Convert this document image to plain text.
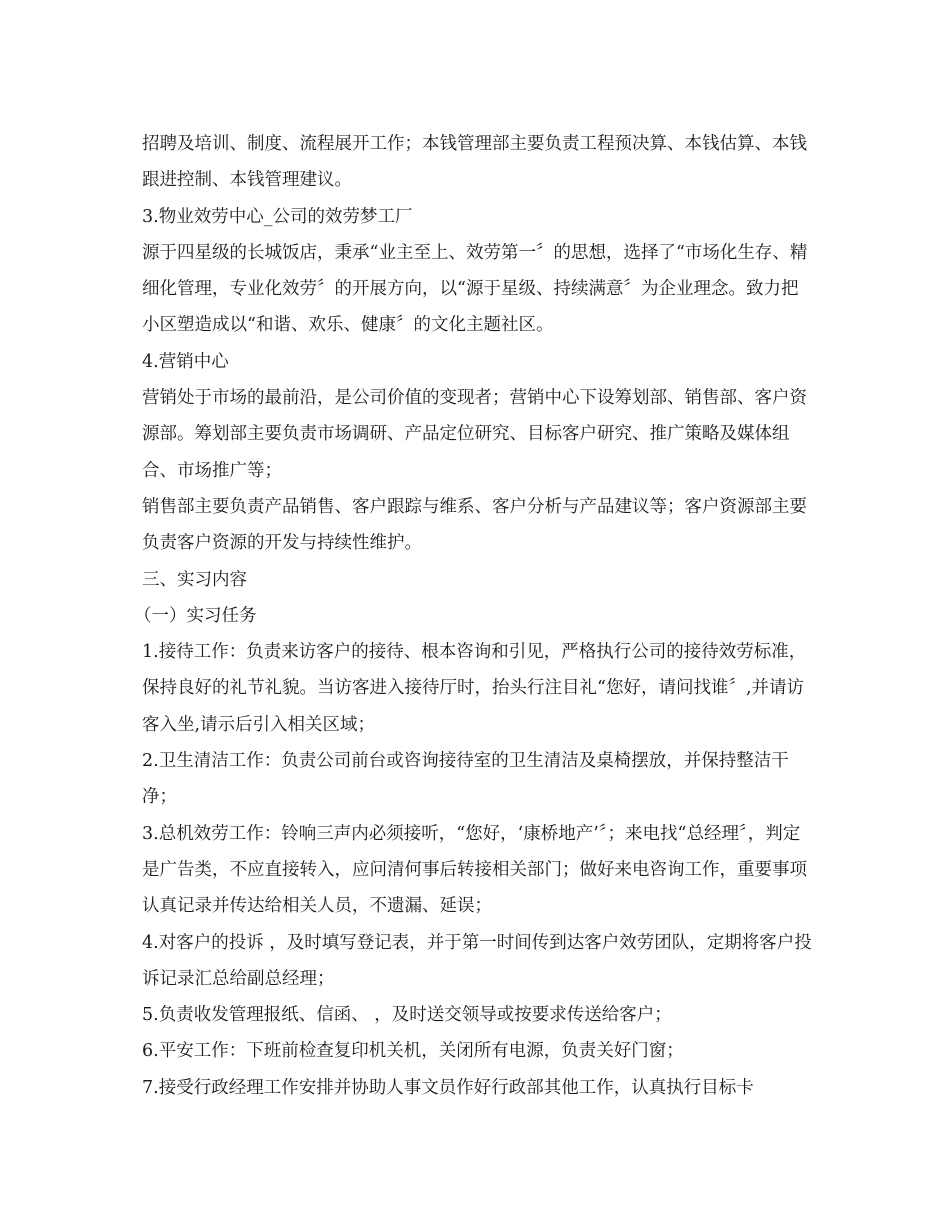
招聘及培训、制度、流程展开工作；本钱管理部主要负责工程预决算、本钱估算、本钱跟进控制、本钱管理建议。

3.物业效劳中心_公司的效劳梦工厂

源于四星级的长城饭店，秉承“业主至上、效劳第一〞的思想，选择了“市场化生存、精细化管理，专业化效劳〞的开展方向，以“源于星级、持续满意〞为企业理念。致力把小区塑造成以“和谐、欢乐、健康〞的文化主题社区。

4.营销中心

营销处于市场的最前沿，是公司价值的变现者；营销中心下设筹划部、销售部、客户资源部。筹划部主要负责市场调研、产品定位研究、目标客户研究、推广策略及媒体组合、市场推广等；

销售部主要负责产品销售、客户跟踪与维系、客户分析与产品建议等；客户资源部主要负责客户资源的开发与持续性维护。

三、实习内容

（一）实习任务

1.接待工作：负责来访客户的接待、根本咨询和引见，严格执行公司的接待效劳标准，保持良好的礼节礼貌。当访客进入接待厅时，抬头行注目礼“您好，请问找谁〞,并请访客入坐,请示后引入相关区域；

2.卫生清洁工作：负责公司前台或咨询接待室的卫生清洁及桌椅摆放，并保持整洁干净；

3.总机效劳工作：铃响三声内必须接听，“您好，‘康桥地产’〞；来电找“总经理〞，判定是广告类，不应直接转入，应问清何事后转接相关部门；做好来电咨询工作，重要事项认真记录并传达给相关人员，不遗漏、延误；

4.对客户的投诉 ，及时填写登记表，并于第一时间传到达客户效劳团队，定期将客户投诉记录汇总给副总经理；

5.负责收发管理报纸、信函、 ，及时送交领导或按要求传送给客户；

6.平安工作：下班前检查复印机关机，关闭所有电源，负责关好门窗；

7.接受行政经理工作安排并协助人事文员作好行政部其他工作，认真执行目标卡
